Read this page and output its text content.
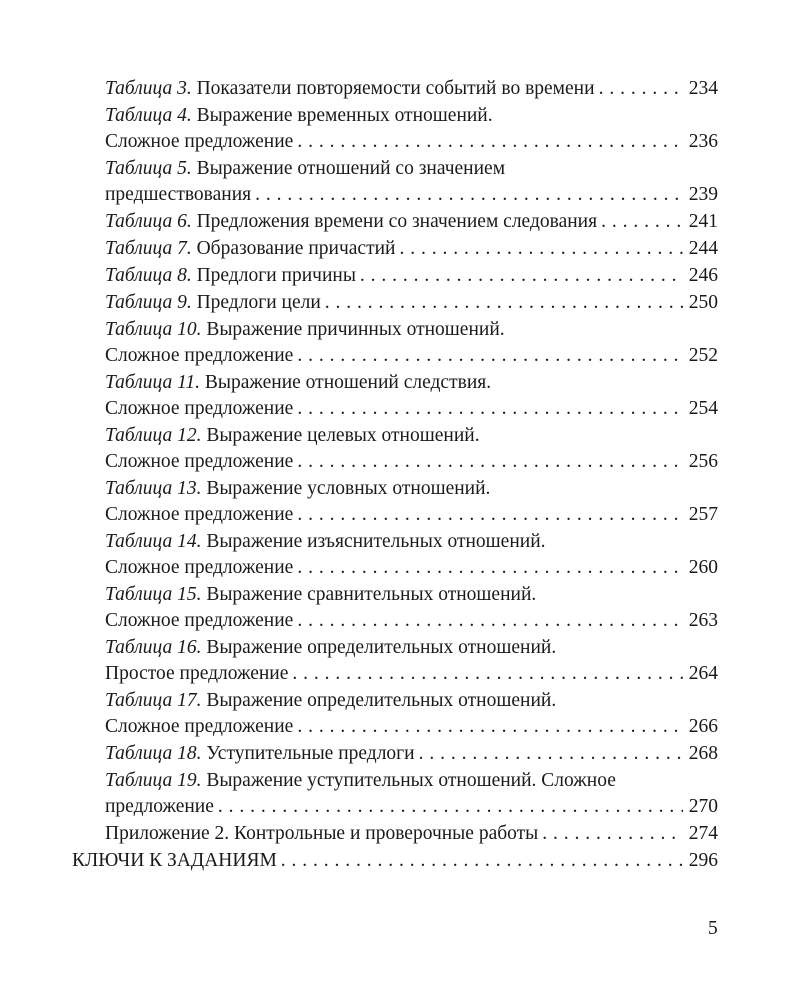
Таблица 3. Показатели повторяемости событий во времени . . .	234
Таблица 4. Выражение временных отношений.
Сложное предложение . . .	236
Таблица 5. Выражение отношений со значением
предшествования . . .	239
Таблица 6. Предложения времени со значением следования . . .	241
Таблица 7. Образование причастий . . .	244
Таблица 8. Предлоги причины . . .	246
Таблица 9. Предлоги цели . . .	250
Таблица 10. Выражение причинных отношений.
Сложное предложение . . .	252
Таблица 11. Выражение отношений следствия.
Сложное предложение . . .	254
Таблица 12. Выражение целевых отношений.
Сложное предложение . . .	256
Таблица 13. Выражение условных отношений.
Сложное предложение . . .	257
Таблица 14. Выражение изъяснительных отношений.
Сложное предложение . . .	260
Таблица 15. Выражение сравнительных отношений.
Сложное предложение . . .	263
Таблица 16. Выражение определительных отношений.
Простое предложение . . .	264
Таблица 17. Выражение определительных отношений.
Сложное предложение . . .	266
Таблица 18. Уступительные предлоги . . .	268
Таблица 19. Выражение уступительных отношений. Сложное
предложение . . .	270
Приложение 2. Контрольные и проверочные работы . . .	274
КЛЮЧИ К ЗАДАНИЯМ . . .	296
5
